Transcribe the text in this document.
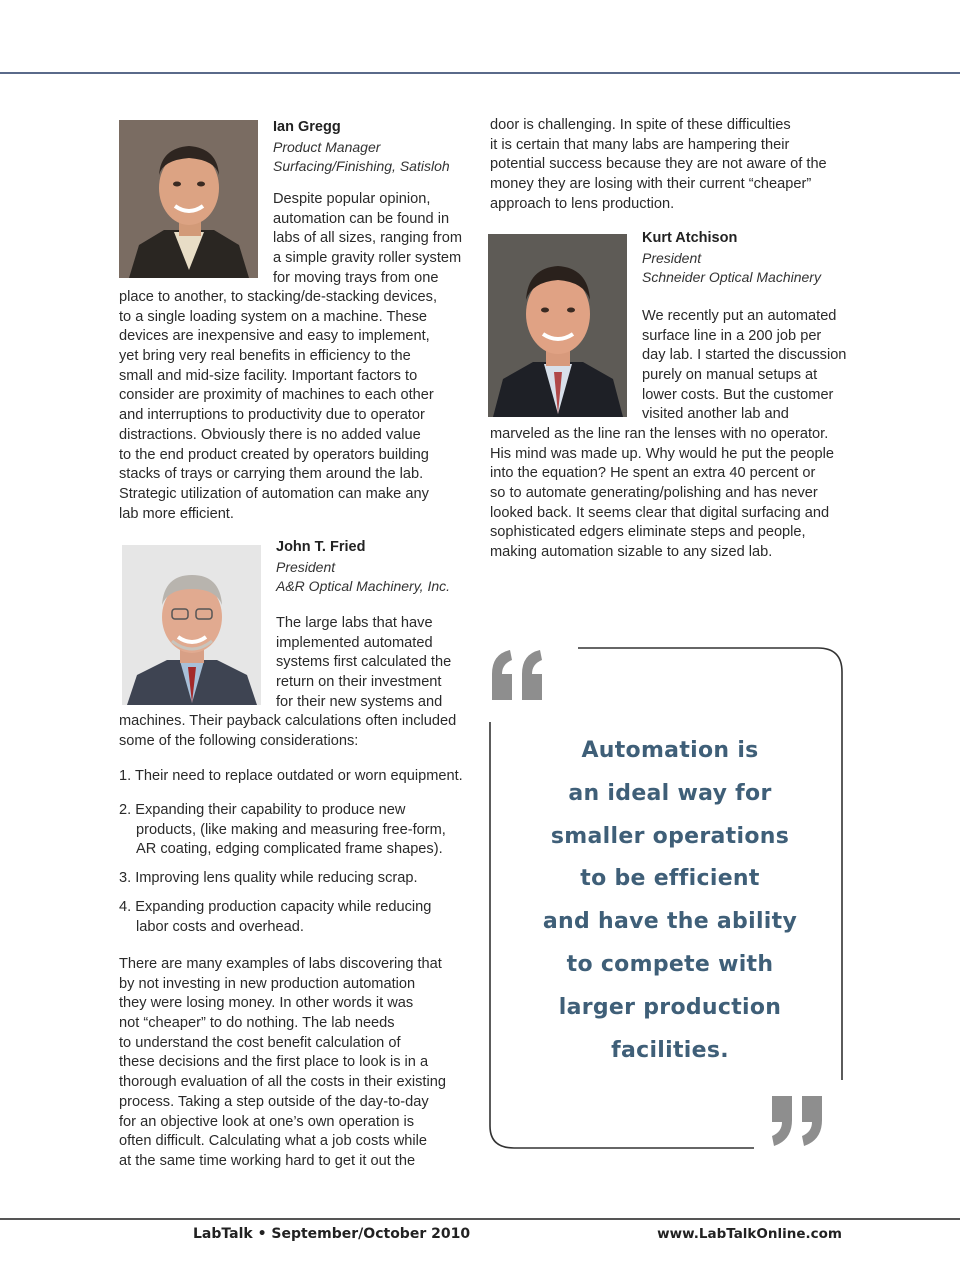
Ian Gregg
Product Manager
Surfacing/Finishing, Satisloh
Despite popular opinion,
automation can be found in
labs of all sizes, ranging from
a simple gravity roller system
for moving trays from one
place to another, to stacking/de-stacking devices,
to a single loading system on a machine. These
devices are inexpensive and easy to implement,
yet bring very real benefits in efficiency to the
small and mid-size facility. Important factors to
consider are proximity of machines to each other
and interruptions to productivity due to operator
distractions. Obviously there is no added value
to the end product created by operators building
stacks of trays or carrying them around the lab.
Strategic utilization of automation can make any
lab more efficient.
John T. Fried
President
A&R Optical Machinery, Inc.
The large labs that have
implemented automated
systems first calculated the
return on their investment
for their new systems and
machines. Their payback calculations often included
some of the following considerations:
1. Their need to replace outdated or worn equipment.
2. Expanding their capability to produce new
products, (like making and measuring free-form,
AR coating, edging complicated frame shapes).
3. Improving lens quality while reducing scrap.
4. Expanding production capacity while reducing
labor costs and overhead.
There are many examples of labs discovering that
by not investing in new production automation
they were losing money. In other words it was
not “cheaper” to do nothing. The lab needs
to understand the cost benefit calculation of
these decisions and the first place to look is in a
thorough evaluation of all the costs in their existing
process. Taking a step outside of the day-to-day
for an objective look at one’s own operation is
often difficult. Calculating what a job costs while
at the same time working hard to get it out the
door is challenging. In spite of these difficulties
it is certain that many labs are hampering their
potential success because they are not aware of the
money they are losing with their current “cheaper”
approach to lens production.
Kurt Atchison
President
Schneider Optical Machinery
We recently put an automated
surface line in a 200 job per
day lab. I started the discussion
purely on manual setups at
lower costs. But the customer
visited another lab and
marveled as the line ran the lenses with no operator.
His mind was made up. Why would he put the people
into the equation? He spent an extra 40 percent or
so to automate generating/polishing and has never
looked back. It seems clear that digital surfacing and
sophisticated edgers eliminate steps and people,
making automation sizable to any sized lab.
Automation is
an ideal way for
smaller operations
to be efficient
and have the ability
to compete with
larger production
facilities.
LabTalk • September/October 2010	www.LabTalkOnline.com
